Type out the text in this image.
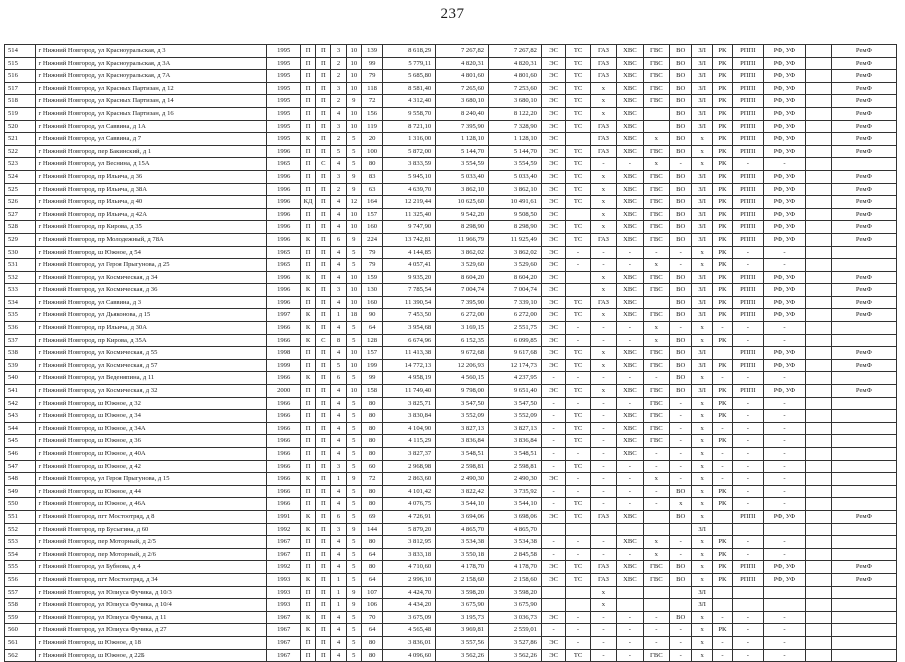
237
514	г Нижний Новгород, ул Красноуральская, д 3	1995	П	П	3	10	139	8 618,29	7 267,82	7 267,82	ЭС	ТС	ГАЗ	ХВС	ГВС	ВО	ЗЛ	РК	РППI	РФ, УФ		РемФ
515	г Нижний Новгород, ул Красноуральская, д 3А	1995	П	П	2	10	99	5 779,11	4 820,31	4 820,31	ЭС	ТС	ГАЗ	ХВС	ГВС	ВО	ЗЛ	РК	РППI	РФ, УФ		РемФ
516	г Нижний Новгород, ул Красноуральская, д 7А	1995	П	П	2	10	79	5 685,80	4 801,60	4 801,60	ЭС	ТС	ГАЗ	ХВС	ГВС	ВО	ЗЛ	РК	РППI	РФ, УФ		РемФ
517	г Нижний Новгород, ул Красных Партизан, д 12	1995	П	П	3	10	118	8 581,40	7 265,60	7 253,60	ЭС	ТС	х	ХВС	ГВС	ВО	ЗЛ	РК	РППI	РФ, УФ		РемФ
518	г Нижний Новгород, ул Красных Партизан, д 14	1995	П	П	2	9	72	4 312,40	3 680,10	3 680,10	ЭС	ТС	х	ХВС	ГВС	ВО	ЗЛ	РК	РППI	РФ, УФ		РемФ
519	г Нижний Новгород, ул Красных Партизан, д 16	1995	П	П	4	10	156	9 558,70	8 240,40	8 122,20	ЭС	ТС	х	ХВС		ВО	ЗЛ	РК	РППI	РФ, УФ		РемФ
520	г Нижний Новгород, ул Саввина, д 1А	1995	П	П	3	10	119	8 721,10	7 395,90	7 328,90	ЭС	ТС	ГАЗ	ХВС		ВО	ЗЛ	РК	РППI	РФ, УФ		РемФ
521	г Нижний Новгород, ул Саввина, д 7	1995	К	П	2	5	20	1 316,00	1 128,10	1 128,10	ЭС		ГАЗ	ХВС	х	ВО	х	РК	РППI	РФ, УФ		РемФ
522	г Нижний Новгород, пер Бакинский, д 1	1996	П	П	5	5	100	5 872,00	5 144,70	5 144,70	ЭС	ТС	ГАЗ	ХВС	ГВС	ВО	х	РК	РППI	РФ, УФ		РемФ
523	г Нижний Новгород, ул Веснина, д 15А	1965	П	С	4	5	80	3 833,59	3 554,59	3 554,59	ЭС	ТС	-	-	х	-	х	РК	-	-		
524	г Нижний Новгород, пр Ильича, д 36	1996	П	П	3	9	83	5 945,10	5 033,40	5 033,40	ЭС	ТС	х	ХВС	ГВС	ВО	ЗЛ	РК	РППI	РФ, УФ		РемФ
525	г Нижний Новгород, пр Ильича, д 38А	1996	П	П	2	9	63	4 639,70	3 862,10	3 862,10	ЭС	ТС	х	ХВС	ГВС	ВО	ЗЛ	РК	РППI	РФ, УФ		РемФ
526	г Нижний Новгород, пр Ильича, д 40	1996	КД	П	4	12	164	12 219,44	10 625,60	10 491,61	ЭС	ТС	х	ХВС	ГВС	ВО	ЗЛ	РК	РППI	РФ, УФ		РемФ
527	г Нижний Новгород, пр Ильича, д 42А	1996	П	П	4	10	157	11 325,40	9 542,20	9 508,50	ЭС		х	ХВС	ГВС	ВО	ЗЛ	РК	РППI	РФ, УФ		РемФ
528	г Нижний Новгород, пр Кирова, д 35	1996	П	П	4	10	160	9 747,90	8 298,90	8 298,90	ЭС	ТС	х	ХВС	ГВС	ВО	ЗЛ	РК	РППI	РФ, УФ		РемФ
529	г Нижний Новгород, пр Молодежный, д 78А	1996	К	П	6	9	224	13 742,81	11 966,79	11 925,49	ЭС	ТС	ГАЗ	ХВС	ГВС	ВО	ЗЛ	РК	РППI	РФ, УФ		РемФ
530	г Нижний Новгород, ш Южное, д 54	1965	П	П	4	5	79	4 144,85	3 862,02	3 862,02	ЭС	-	-	-	-	-	х	РК	-	-		
531	г Нижний Новгород, ул Героя Прыгунова, д 25	1965	П	П	4	5	79	4 057,41	3 529,60	3 529,60	ЭС	-	-	-	х	-	х	РК	-	-		
532	г Нижний Новгород, ул Космическая, д 34	1996	К	П	4	10	159	9 935,20	8 604,20	8 604,20	ЭС		х	ХВС	ГВС	ВО	ЗЛ	РК	РППI	РФ, УФ		РемФ
533	г Нижний Новгород, ул Космическая, д 36	1996	К	П	3	10	130	7 785,54	7 004,74	7 004,74	ЭС		х	ХВС	ГВС	ВО	ЗЛ	РК	РППI	РФ, УФ		РемФ
534	г Нижний Новгород, ул Саввина, д 3	1996	П	П	4	10	160	11 390,54	7 395,90	7 339,10	ЭС	ТС	ГАЗ	ХВС		ВО	ЗЛ	РК	РППI	РФ, УФ		РемФ
535	г Нижний Новгород, ул Дьяконова, д 15	1997	К	П	1	18	90	7 453,50	6 272,00	6 272,00	ЭС	ТС	х	ХВС	ГВС	ВО	ЗЛ	РК	РППI	РФ, УФ		РемФ
536	г Нижний Новгород, пр Ильича, д 30А	1966	К	П	4	5	64	3 954,68	3 169,15	2 551,75	ЭС	-	-	-	х	-	х	-	-	-		
537	г Нижний Новгород, пр Кирова, д 35А	1966	К	С	8	5	128	6 674,96	6 152,35	6 099,85	ЭС	-	-	-	х	ВО	х	РК	-	-		
538	г Нижний Новгород, ул Космическая, д 55	1998	П	П	4	10	157	11 413,38	9 672,68	9 617,68	ЭС	ТС	х	ХВС	ГВС	ВО	ЗЛ		РППI	РФ, УФ		РемФ
539	г Нижний Новгород, ул Космическая, д 57	1999	П	П	5	10	199	14 772,13	12 206,93	12 174,73	ЭС	ТС	х	ХВС	ГВС	ВО	ЗЛ	РК	РППI	РФ, УФ		РемФ
540	г Нижний Новгород, ул Веденяпина, д 11	1966	К	П	6	5	99	4 958,19	4 560,15	4 237,95	-	-	-	-	-	ВО	х	-	-	-		
541	г Нижний Новгород, ул Космическая, д 32	2000	П	П	4	10	158	11 749,40	9 798,00	9 651,40	ЭС	ТС	х	ХВС	ГВС	ВО	ЗЛ	РК	РППI	РФ, УФ		РемФ
542	г Нижний Новгород, ш Южное, д 32	1966	П	П	4	5	80	3 825,71	3 547,50	3 547,50	-	-	-	-	ГВС	-	х	РК	-	-		
543	г Нижний Новгород, ш Южное, д 34	1966	П	П	4	5	80	3 830,84	3 552,09	3 552,09	-	ТС	-	ХВС	ГВС	-	х	РК	-	-		
544	г Нижний Новгород, ш Южное, д 34А	1966	П	П	4	5	80	4 104,90	3 827,13	3 827,13	-	ТС	-	ХВС	ГВС	-	х	-	-	-		
545	г Нижний Новгород, ш Южное, д 36	1966	П	П	4	5	80	4 115,29	3 836,84	3 836,84	-	ТС	-	ХВС	ГВС	-	х	РК	-	-		
546	г Нижний Новгород, ш Южное, д 40А	1966	П	П	4	5	80	3 827,37	3 548,51	3 548,51	-	-	-	ХВС	-	-	х	-	-	-		
547	г Нижний Новгород, ш Южное, д 42	1966	П	П	3	5	60	2 968,98	2 598,81	2 598,81	-	ТС	-	-	-	-	х	-	-	-		
548	г Нижний Новгород, ул Героя Прыгунова, д 15	1966	К	П	1	9	72	2 863,60	2 490,30	2 490,30	ЭС	-	-	-	х	-	х	-	-	-		
549	г Нижний Новгород, ш Южное, д 44	1966	П	П	4	5	80	4 101,42	3 822,42	3 735,92	-	-	-	-	-	ВО	х	РК	-	-		
550	г Нижний Новгород, ш Южное, д 46А	1966	П	П	4	5	80	4 076,75	3 544,10	3 544,10	-	ТС	-	-	-	х	х	РК	-	-		
551	г Нижний Новгород, пгт Мостоотряд, д 8	1991	К	П	6	5	69	4 726,91	3 694,06	3 698,06	ЭС	ТС	ГАЗ	ХВС		ВО	х		РППI	РФ, УФ		РемФ
552	г Нижний Новгород, пр Бусыгина, д 60	1992	К	П	3	9	144	5 879,20	4 865,70	4 865,70							ЗЛ					
553	г Нижний Новгород, пер Моторный, д 2/5	1967	П	П	4	5	80	3 812,95	3 534,38	3 534,38	-	-	-	ХВС	х	-	х	РК	-	-		
554	г Нижний Новгород, пер Моторный, д 2/6	1967	П	П	4	5	64	3 833,18	3 550,18	2 845,58	-	-	-	-	х	-	х	РК	-	-		
555	г Нижний Новгород, ул Бубнова, д 4	1992	П	П	4	5	80	4 710,60	4 178,70	4 178,70	ЭС	ТС	ГАЗ	ХВС	ГВС	ВО	х	РК	РППI	РФ, УФ		РемФ
556	г Нижний Новгород, пгт Мостоотряд, д 34	1993	К	П	1	5	64	2 996,10	2 158,60	2 158,60	ЭС	ТС	ГАЗ	ХВС	ГВС	ВО	х	РК	РППI	РФ, УФ		РемФ
557	г Нижний Новгород, ул Юлиуса Фучика, д 10/3	1993	П	П	1	9	107	4 424,70	3 598,20	3 598,20			х				ЗЛ					
558	г Нижний Новгород, ул Юлиуса Фучика, д 10/4	1993	П	П	1	9	106	4 434,20	3 675,90	3 675,90			х				ЗЛ					
559	г Нижний Новгород, ул Юлиуса Фучика, д 11	1967	К	П	4	5	70	3 675,09	3 195,73	3 036,73	ЭС	-	-	-	-	ВО	х	-	-	-		
560	г Нижний Новгород, ул Юлиуса Фучика, д 27	1967	К	П	4	5	64	4 565,48	3 969,81	2 559,01	-	-	-	-	-	-	х	РК	-	-		
561	г Нижний Новгород, ш Южное, д 18	1967	П	П	4	5	80	3 836,01	3 557,56	3 527,86	ЭС	-	-	-	-	-	х	-	-	-		
562	г Нижний Новгород, ш Южное, д 22Б	1967	П	П	4	5	80	4 096,60	3 562,26	3 562,26	ЭС	ТС	-	-	ГВС	-	х	-	-	-		
